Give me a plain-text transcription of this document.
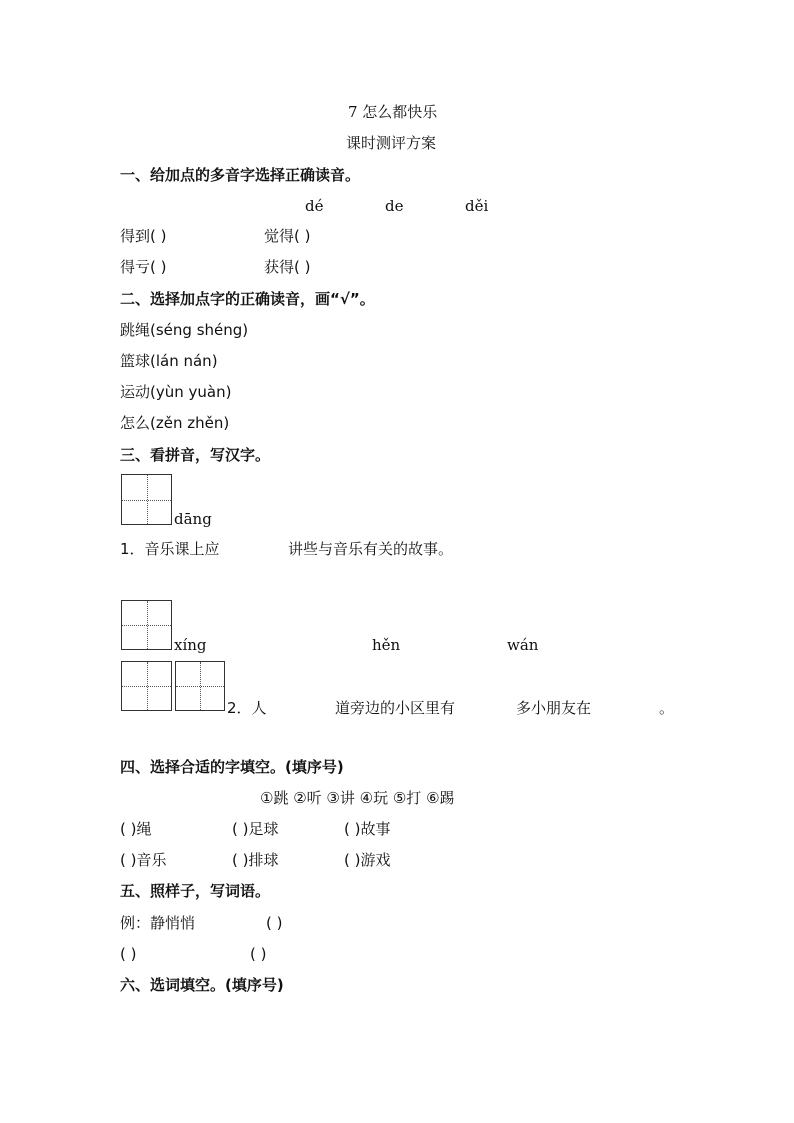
7 怎么都快乐
课时测评方案
一、给加点的多音字选择正确读音。
dé	de	děi
得到( )	觉得( )
得亏( )	获得( )
二、选择加点字的正确读音，画“√”。
跳绳(séng shéng)
篮球(lán nán)
运动(yùn yuàn)
怎么(zěn zhěn)
三、看拼音，写汉字。
dāng
1．音乐课上应	讲些与音乐有关的故事。
xíng	hěn	wán
2．人	道旁边的小区里有	多小朋友在	。
四、选择合适的字填空。(填序号)
①跳 ②听 ③讲 ④玩 ⑤打 ⑥踢
( )绳	( )足球	( )故事
( )音乐	( )排球	( )游戏
五、照样子，写词语。
例：静悄悄	( )
( )	( )
六、选词填空。(填序号)
